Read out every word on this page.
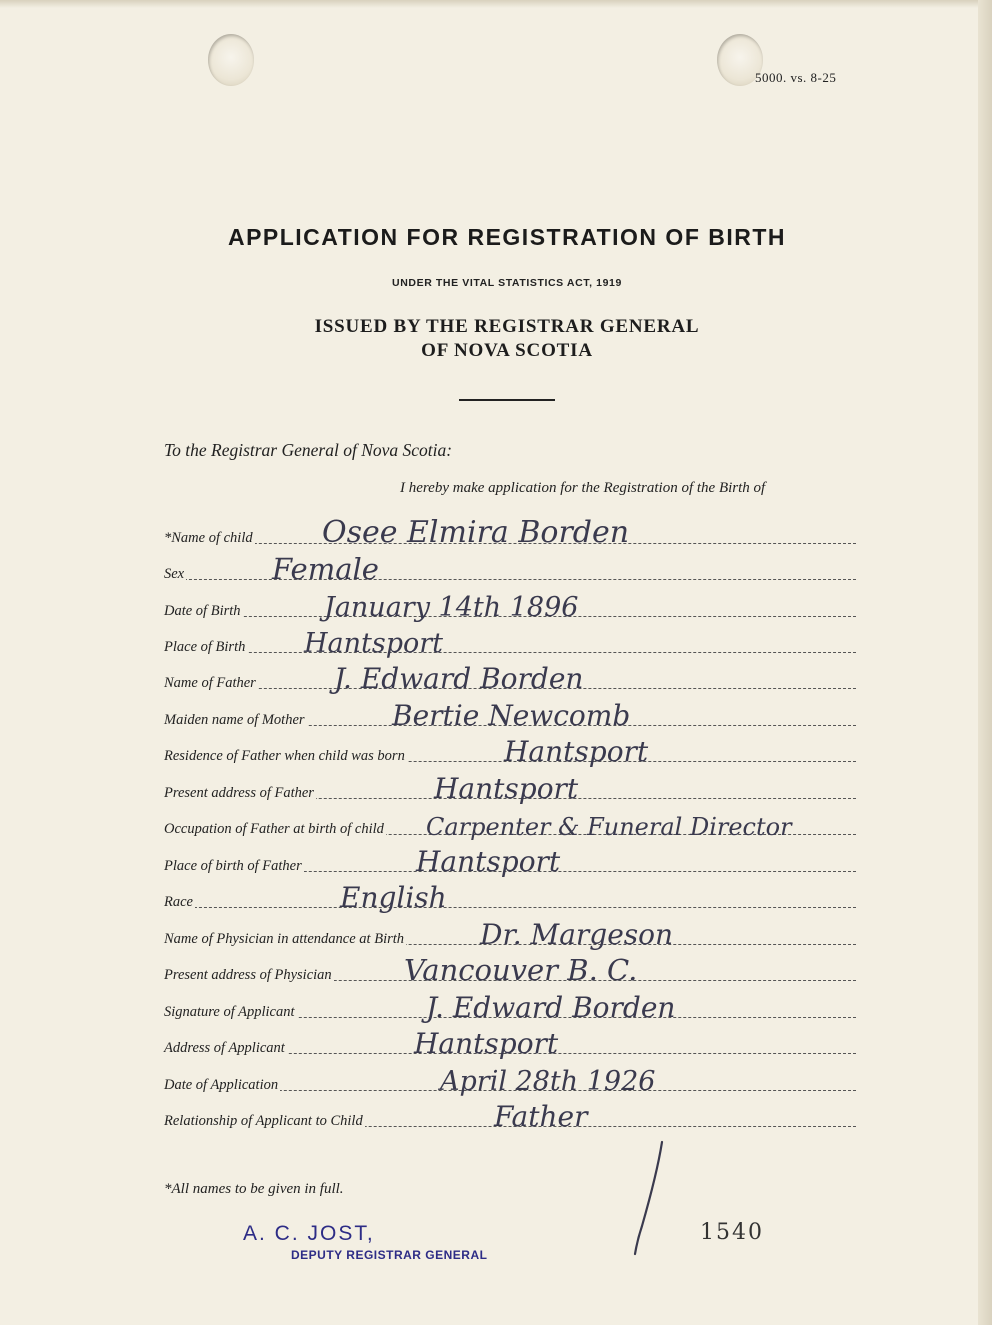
5000. vs. 8-25
APPLICATION FOR REGISTRATION OF BIRTH
UNDER THE VITAL STATISTICS ACT, 1919
ISSUED BY THE REGISTRAR GENERAL
OF NOVA SCOTIA
To the Registrar General of Nova Scotia:
I hereby make application for the Registration of the Birth of
*Name of child Osee Elmira Borden
Sex	Female
Date of Birth	January 14th 1896
Place of Birth Hantsport
Name of Father	J. Edward Borden
Maiden name of Mother	Bertie Newcomb
Residence of Father when child was born	Hantsport
Present address of Father	Hantsport
Occupation of Father at birth of child Carpenter & Funeral Director
Place of birth of Father	Hantsport
Race	English
Name of Physician in attendance at Birth	Dr. Margeson
Present address of Physician Vancouver B. C.
Signature of Applicant	J. Edward Borden
Address of Applicant	Hantsport
Date of Application	April 28th 1926
Relationship of Applicant to Child	Father
*All names to be given in full.
A. C. JOST,
DEPUTY REGISTRAR GENERAL
1540
